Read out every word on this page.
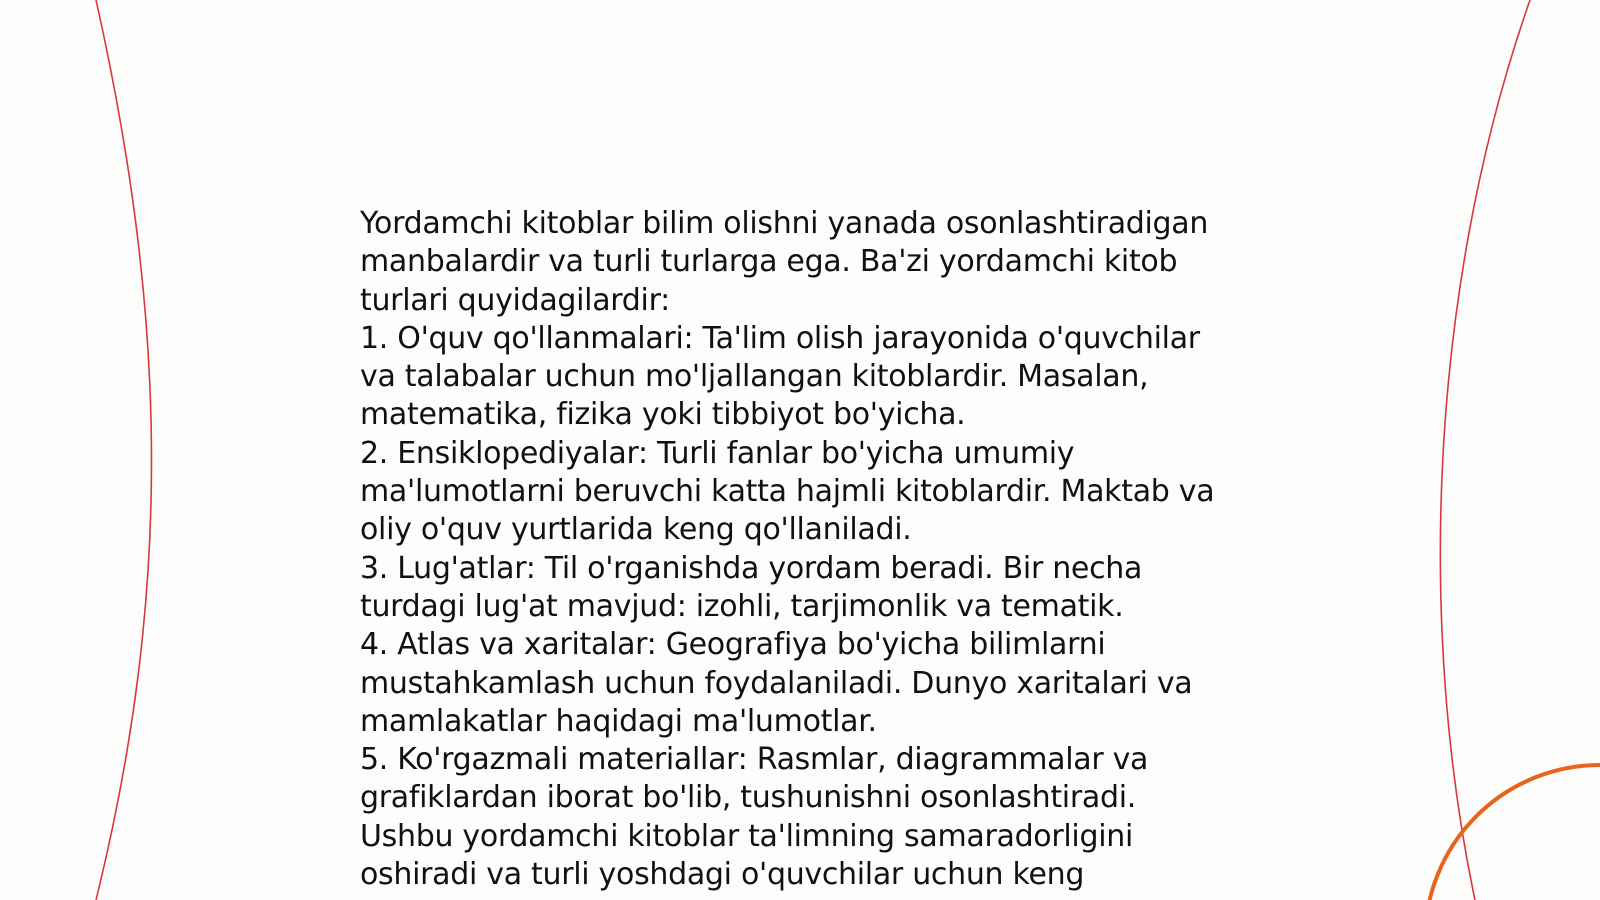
Yordamchi kitoblar bilim olishni yanada osonlashtiradigan
manbalardir va turli turlarga ega. Ba'zi yordamchi kitob
turlari quyidagilardir:
1. O'quv qo'llanmalari: Ta'lim olish jarayonida o'quvchilar
va talabalar uchun mo'ljallangan kitoblardir. Masalan,
matematika, fizika yoki tibbiyot bo'yicha.
2. Ensiklopediyalar: Turli fanlar bo'yicha umumiy
ma'lumotlarni beruvchi katta hajmli kitoblardir. Maktab va
oliy o'quv yurtlarida keng qo'llaniladi.
3. Lug'atlar: Til o'rganishda yordam beradi. Bir necha
turdagi lug'at mavjud: izohli, tarjimonlik va tematik.
4. Atlas va xaritalar: Geografiya bo'yicha bilimlarni
mustahkamlash uchun foydalaniladi. Dunyo xaritalari va
mamlakatlar haqidagi ma'lumotlar.
5. Ko'rgazmali materiallar: Rasmlar, diagrammalar va
grafiklardan iborat bo'lib, tushunishni osonlashtiradi.
Ushbu yordamchi kitoblar ta'limning samaradorligini
oshiradi va turli yoshdagi o'quvchilar uchun keng
